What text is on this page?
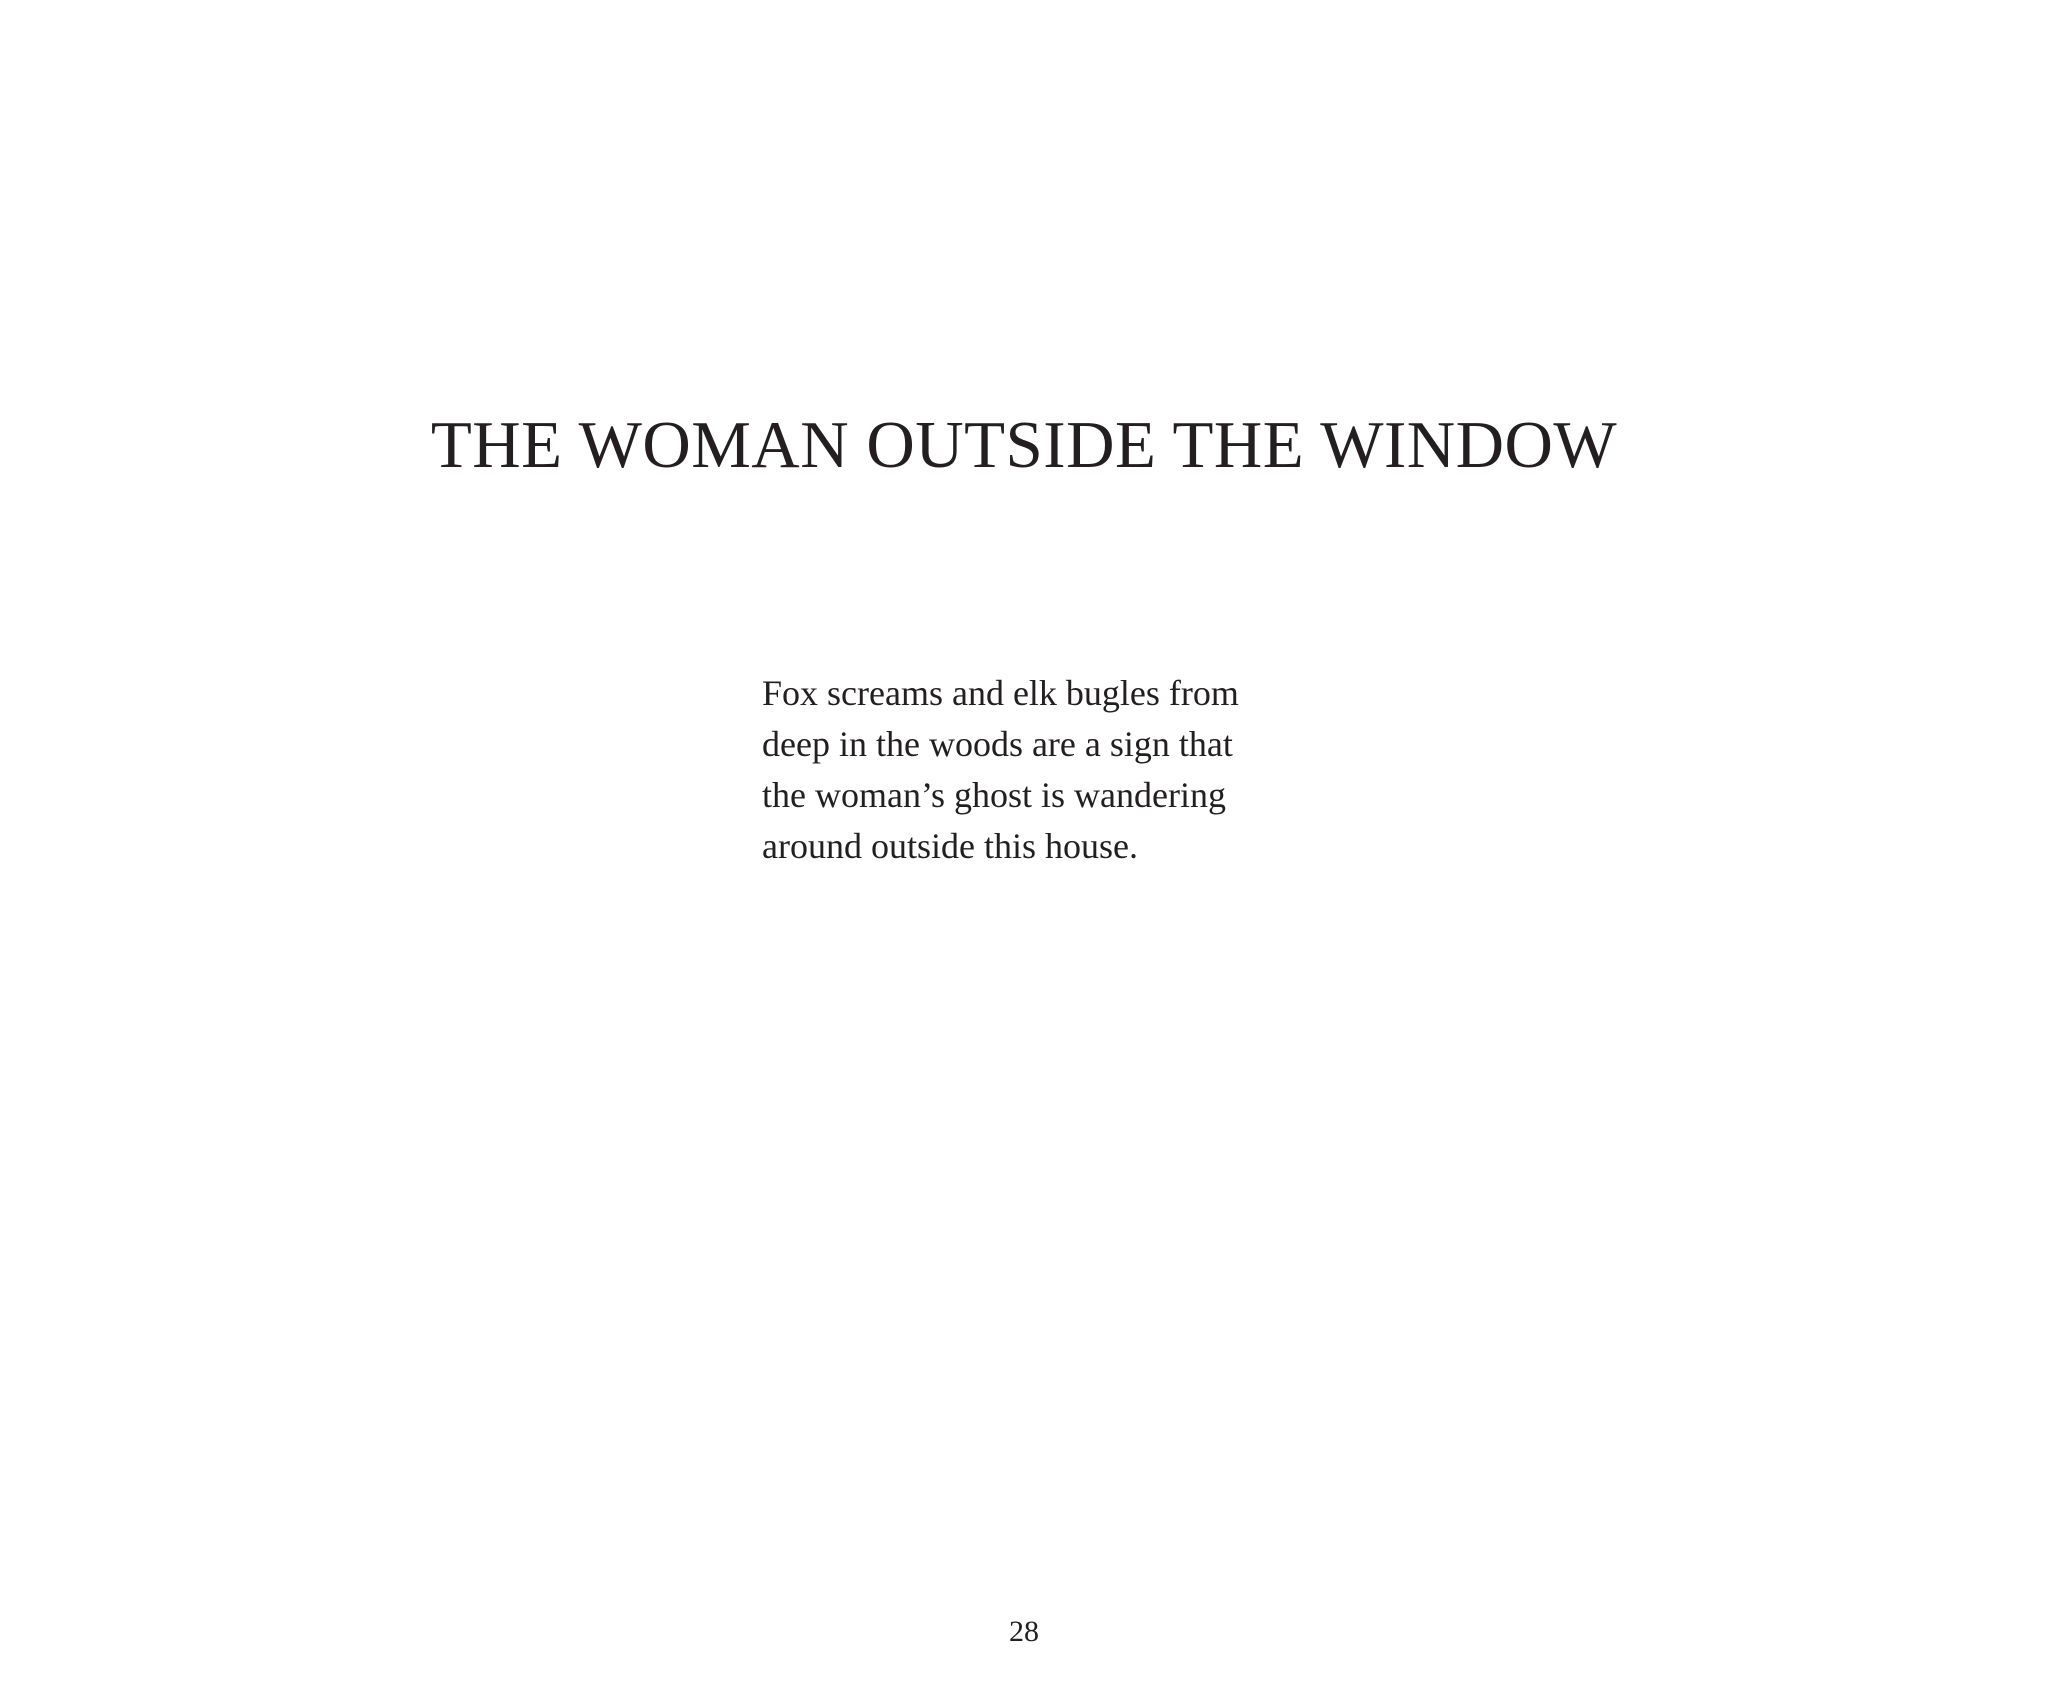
THE WOMAN OUTSIDE THE WINDOW
Fox screams and elk bugles from
deep in the woods are a sign that
the woman’s ghost is wandering
around outside this house.
28
